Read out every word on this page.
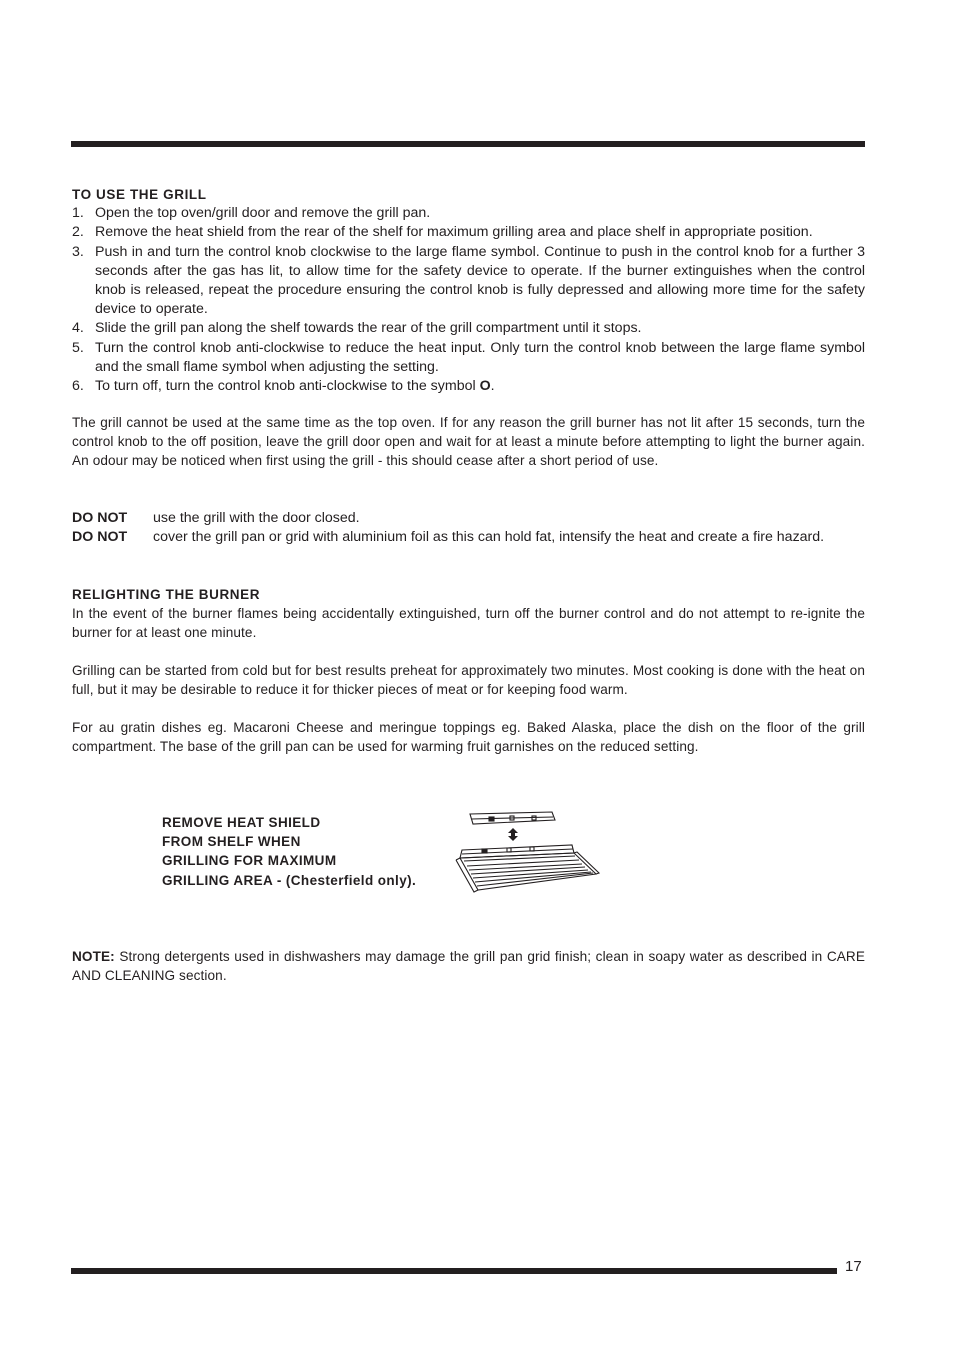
TO USE THE GRILL
1. Open the top oven/grill door and remove the grill pan.
2. Remove the heat shield from the rear of the shelf for maximum grilling area and place shelf in appropriate position.
3. Push in and turn the control knob clockwise to the large flame symbol. Continue to push in the control knob for a further 3 seconds after the gas has lit, to allow time for the safety device to operate. If the burner extinguishes when the control knob is released, repeat the procedure ensuring the control knob is fully depressed and allowing more time for the safety device to operate.
4. Slide the grill pan along the shelf towards the rear of the grill compartment until it stops.
5. Turn the control knob anti-clockwise to reduce the heat input. Only turn the control knob between the large flame symbol and the small flame symbol when adjusting the setting.
6. To turn off, turn the control knob anti-clockwise to the symbol O.

The grill cannot be used at the same time as the top oven. If for any reason the grill burner has not lit after 15 seconds, turn the control knob to the off position, leave the grill door open and wait for at least a minute before attempting to light the burner again. An odour may be noticed when first using the grill - this should cease after a short period of use.

DO NOT	use the grill with the door closed.
DO NOT	cover the grill pan or grid with aluminium foil as this can hold fat, intensify the heat and create a fire hazard.
RELIGHTING THE BURNER

In the event of the burner flames being accidentally extinguished, turn off the burner control and do not attempt to re-ignite the burner for at least one minute.

Grilling can be started from cold but for best results preheat for approximately two minutes. Most cooking is done with the heat on full, but it may be desirable to reduce it for thicker pieces of meat or for keeping food warm.

For au gratin dishes eg. Macaroni Cheese and meringue toppings eg. Baked Alaska, place the dish on the floor of the grill compartment. The base of the grill pan can be used for warming fruit garnishes on the reduced setting.

REMOVE HEAT SHIELD
FROM SHELF WHEN
GRILLING FOR MAXIMUM
GRILLING AREA - (Chesterfield only).

NOTE: Strong detergents used in dishwashers may damage the grill pan grid finish; clean in soapy water as described in CARE AND CLEANING section.

17
